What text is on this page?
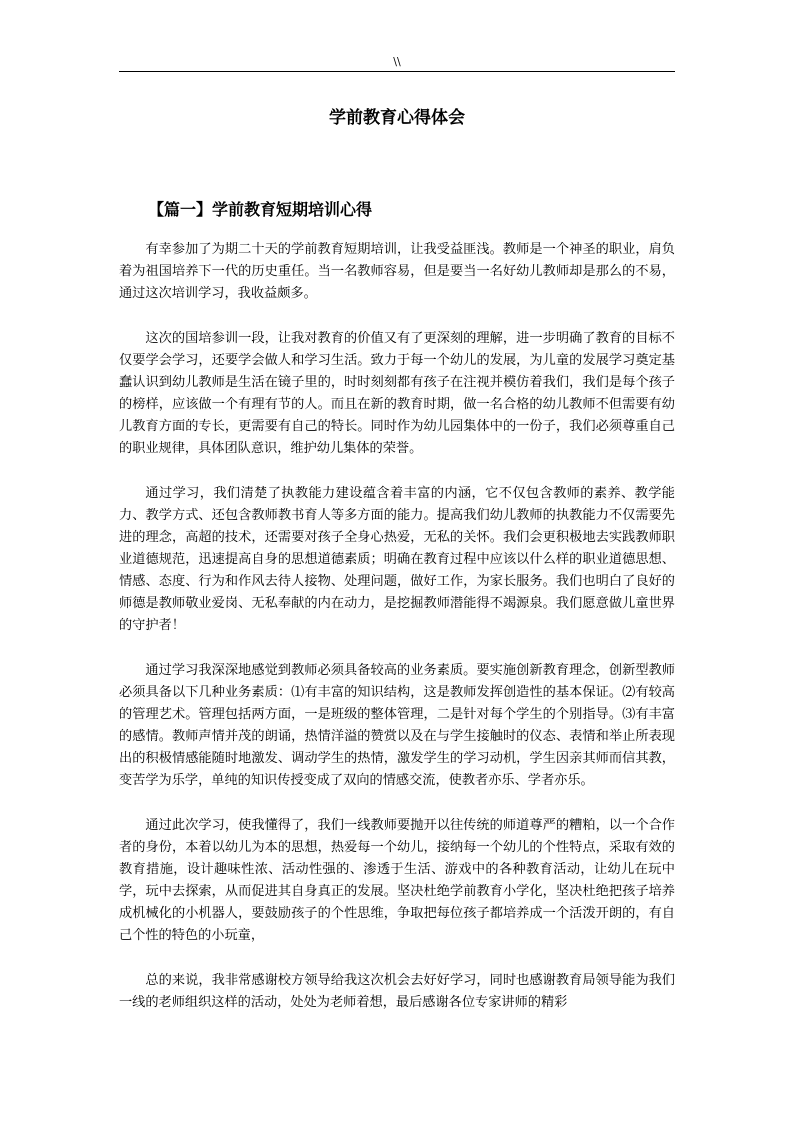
\\
学前教育心得体会
【篇一】学前教育短期培训心得

有幸参加了为期二十天的学前教育短期培训，让我受益匪浅。教师是一个神圣的职业，肩负着为祖国培养下一代的历史重任。当一名教师容易，但是要当一名好幼儿教师却是那么的不易，通过这次培训学习，我收益颇多。

这次的国培参训一段，让我对教育的价值又有了更深刻的理解，进一步明确了教育的目标不仅要学会学习，还要学会做人和学习生活。致力于每一个幼儿的发展，为儿童的发展学习奠定基蠢认识到幼儿教师是生活在镜子里的，时时刻刻都有孩子在注视并模仿着我们，我们是每个孩子的榜样，应该做一个有理有节的人。而且在新的教育时期，做一名合格的幼儿教师不但需要有幼儿教育方面的专长，更需要有自己的特长。同时作为幼儿园集体中的一份子，我们必须尊重自己的职业规律，具体团队意识，维护幼儿集体的荣誉。

通过学习，我们清楚了执教能力建设蕴含着丰富的内涵，它不仅包含教师的素养、教学能力、教学方式、还包含教师教书育人等多方面的能力。提高我们幼儿教师的执教能力不仅需要先进的理念，高超的技术，还需要对孩子全身心热爱，无私的关怀。我们会更积极地去实践教师职业道德规范，迅速提高自身的思想道德素质；明确在教育过程中应该以什么样的职业道德思想、情感、态度、行为和作风去待人接物、处理问题，做好工作，为家长服务。我们也明白了良好的师德是教师敬业爱岗、无私奉献的内在动力，是挖掘教师潜能得不竭源泉。我们愿意做儿童世界的守护者！

通过学习我深深地感觉到教师必须具备较高的业务素质。要实施创新教育理念，创新型教师必须具备以下几种业务素质：⑴有丰富的知识结构，这是教师发挥创造性的基本保证。⑵有较高的管理艺术。管理包括两方面，一是班级的整体管理，二是针对每个学生的个别指导。⑶有丰富的感情。教师声情并茂的朗诵，热情洋溢的赞赏以及在与学生接触时的仪态、表情和举止所表现出的积极情感能随时地激发、调动学生的热情，激发学生的学习动机，学生因亲其师而信其教，变苦学为乐学，单纯的知识传授变成了双向的情感交流，使教者亦乐、学者亦乐。

通过此次学习，使我懂得了，我们一线教师要抛开以往传统的师道尊严的糟粕，以一个合作者的身份，本着以幼儿为本的思想，热爱每一个幼儿，接纳每一个幼儿的个性特点，采取有效的教育措施，设计趣味性浓、活动性强的、渗透于生活、游戏中的各种教育活动，让幼儿在玩中学，玩中去探索，从而促进其自身真正的发展。坚决杜绝学前教育小学化，坚决杜绝把孩子培养成机械化的小机器人，要鼓励孩子的个性思维，争取把每位孩子都培养成一个活泼开朗的，有自己个性的特色的小玩童，

总的来说，我非常感谢校方领导给我这次机会去好好学习，同时也感谢教育局领导能为我们一线的老师组织这样的活动，处处为老师着想，最后感谢各位专家讲师的精彩
